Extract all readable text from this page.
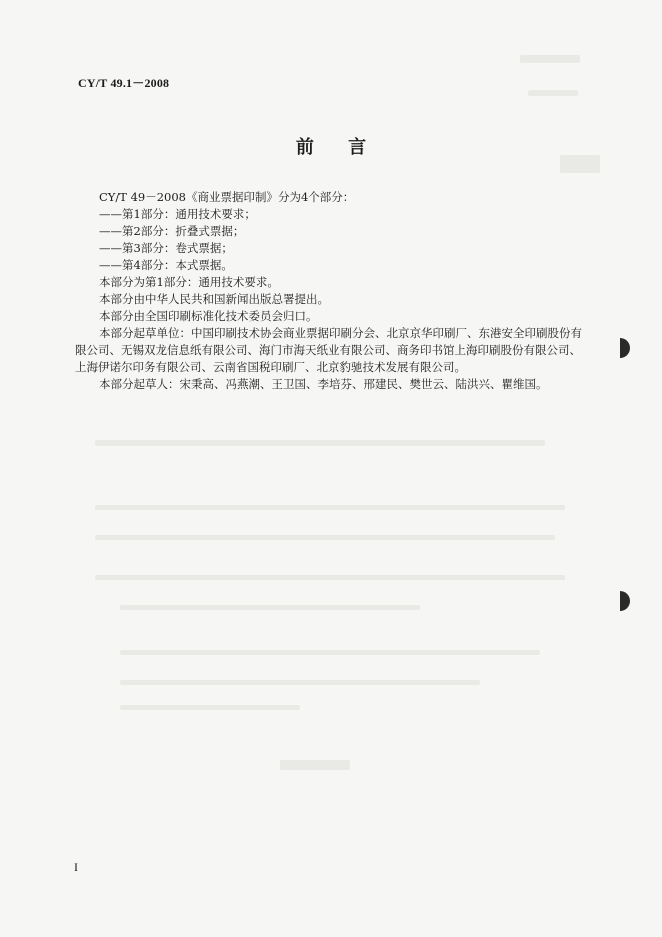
CY/T 49.1－2008
前 言

CY/T 49－2008《商业票据印制》分为4个部分：

——第1部分：通用技术要求；

——第2部分：折叠式票据；

——第3部分：卷式票据；

——第4部分：本式票据。

本部分为第1部分：通用技术要求。

本部分由中华人民共和国新闻出版总署提出。

本部分由全国印刷标准化技术委员会归口。

本部分起草单位：中国印刷技术协会商业票据印刷分会、北京京华印刷厂、东港安全印刷股份有

限公司、无锡双龙信息纸有限公司、海门市海天纸业有限公司、商务印书馆上海印刷股份有限公司、

上海伊诺尔印务有限公司、云南省国税印刷厂、北京豹驰技术发展有限公司。

本部分起草人：宋秉高、冯燕潮、王卫国、李培芬、邢建民、樊世云、陆洪兴、瞿维国。

I
